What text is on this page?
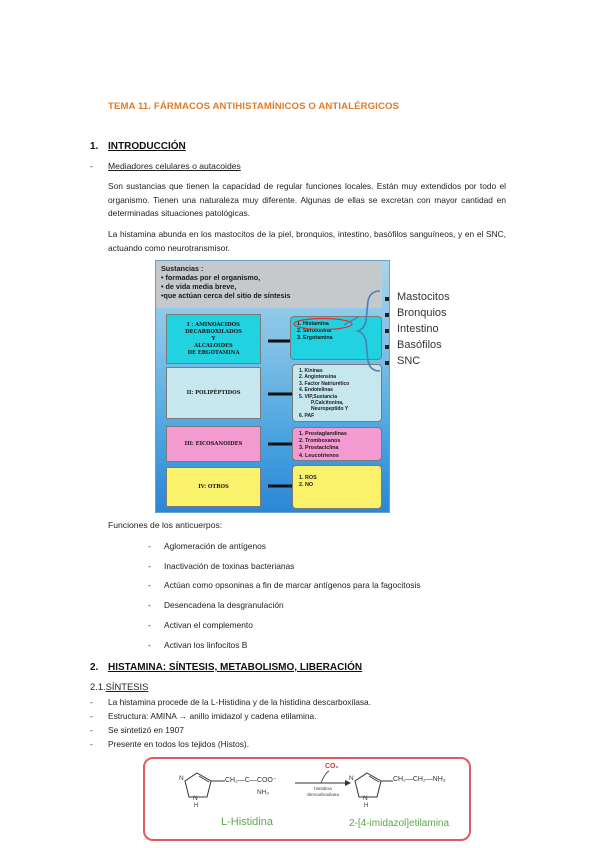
TEMA 11. FÁRMACOS ANTIHISTAMÍNICOS O ANTIALÉRGICOS
1. INTRODUCCIÓN
- Mediadores celulares o autacoides

Son sustancias que tienen la capacidad de regular funciones locales. Están muy extendidos por todo el organismo. Tienen una naturaleza muy diferente. Algunas de ellas se excretan con mayor cantidad en determinadas situaciones patológicas.

La histamina abunda en los mastocitos de la piel, bronquios, intestino, basófilos sanguíneos, y en el SNC, actuando como neurotransmisor.

Sustancias :
• formadas por el organismo,
• de vida media breve,
•que actúan cerca del sitio de síntesis
I : AMINOÁCIDOS
DECARBOXILADOS
Y
ALCALOIDES
DE ERGOTAMINA
1. Histamina
2. Serotonina
3. Ergotamina
II: POLIPÉPTIDOS
1. Kininas
2. Angiotensina
3. Factor Natriurético
4. Endotelinas
5. VIP,Sustancia
P,Calcitonina,
Neuropeptido Y
6. PAF
III: EICOSANOIDES
1. Prostaglandinas
2. Tromboxanos
3. Prostaciclina
4. Leucotrienos
IV: OTROS
1. ROS
2. NO
Mastocitos
Bronquios
Intestino
Basófilos
SNC
Funciones de los anticuerpos:
- Aglomeración de antígenos
- Inactivación de toxinas bacterianas
- Actúan como opsoninas a fin de marcar antígenos para la fagocitosis
- Desencadena la desgranulación
- Activan el complemento
- Activan los linfocitos B
2. HISTAMINA: SÍNTESIS, METABOLISMO, LIBERACIÓN
2.1.SÍNTESIS
- La histamina procede de la L-Histidina y de la histidina descarboxilasa.
- Estructura: AMINA → anillo imidazol y cadena etilamina.
- Se sintetizó en 1907
- Presente en todos los tejidos (Histos).
N
N
H
CH₂—C—COO⁻
NH₃
CO₂
histidina
descarboxilasa
N
N
H
CH₂—CH₂—NH₃
L-Histidina	2-[4-imidazol]etilamina
